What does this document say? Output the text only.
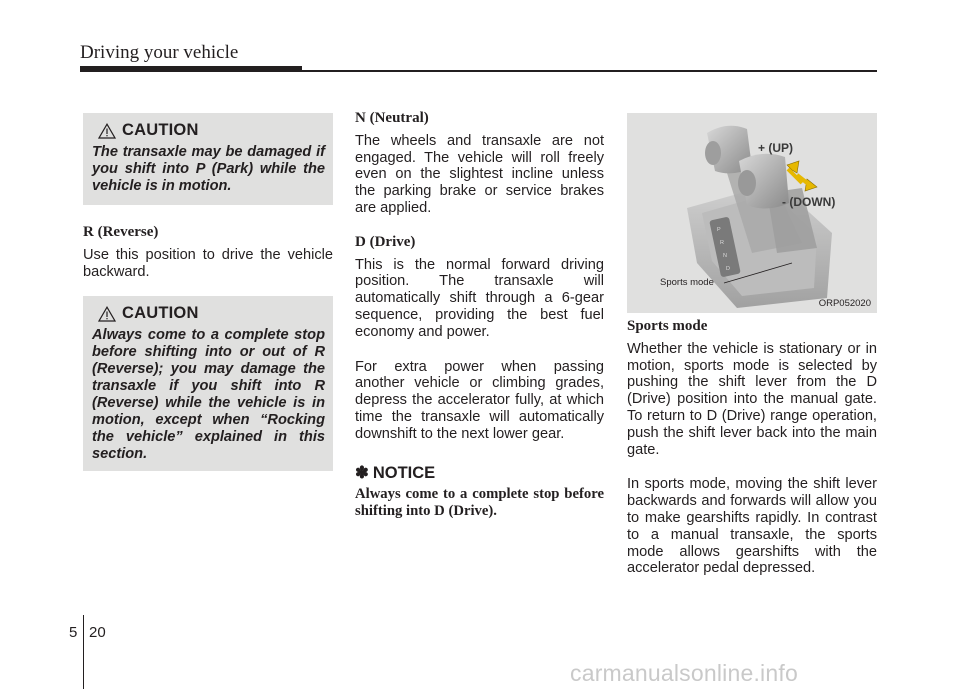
Driving your vehicle
CAUTION
The transaxle may be damaged if you shift into P (Park) while the vehicle is in motion.
R (Reverse)

Use this position to drive the vehicle backward.

CAUTION
Always come to a complete stop before shifting into or out of R (Reverse); you may damage the transaxle if you shift into R (Reverse) while the vehicle is in motion, except when “Rocking the vehicle” explained in this section.
N (Neutral)

The wheels and transaxle are not engaged. The vehicle will roll freely even on the slightest incline unless the parking brake or service brakes are applied.

D (Drive)

This is the normal forward driving position. The transaxle will automatically shift through a 6-gear sequence, providing the best fuel economy and power.

For extra power when passing another vehicle or climbing grades, depress the accelerator fully, at which time the transaxle will automatically downshift to the next lower gear.

✽ NOTICE
Always come to a complete stop before shifting into D (Drive).
P
R
N
D
+ (UP)
- (DOWN)
Sports mode
ORP052020
Sports mode

Whether the vehicle is stationary or in motion, sports mode is selected by pushing the shift lever from the D (Drive) position into the manual gate. To return to D (Drive) range operation, push the shift lever back into the main gate.

In sports mode, moving the shift lever backwards and forwards will allow you to make gearshifts rapidly. In contrast to a manual transaxle, the sports mode allows gearshifts with the accelerator pedal depressed.

5 20
carmanualsonline.info
